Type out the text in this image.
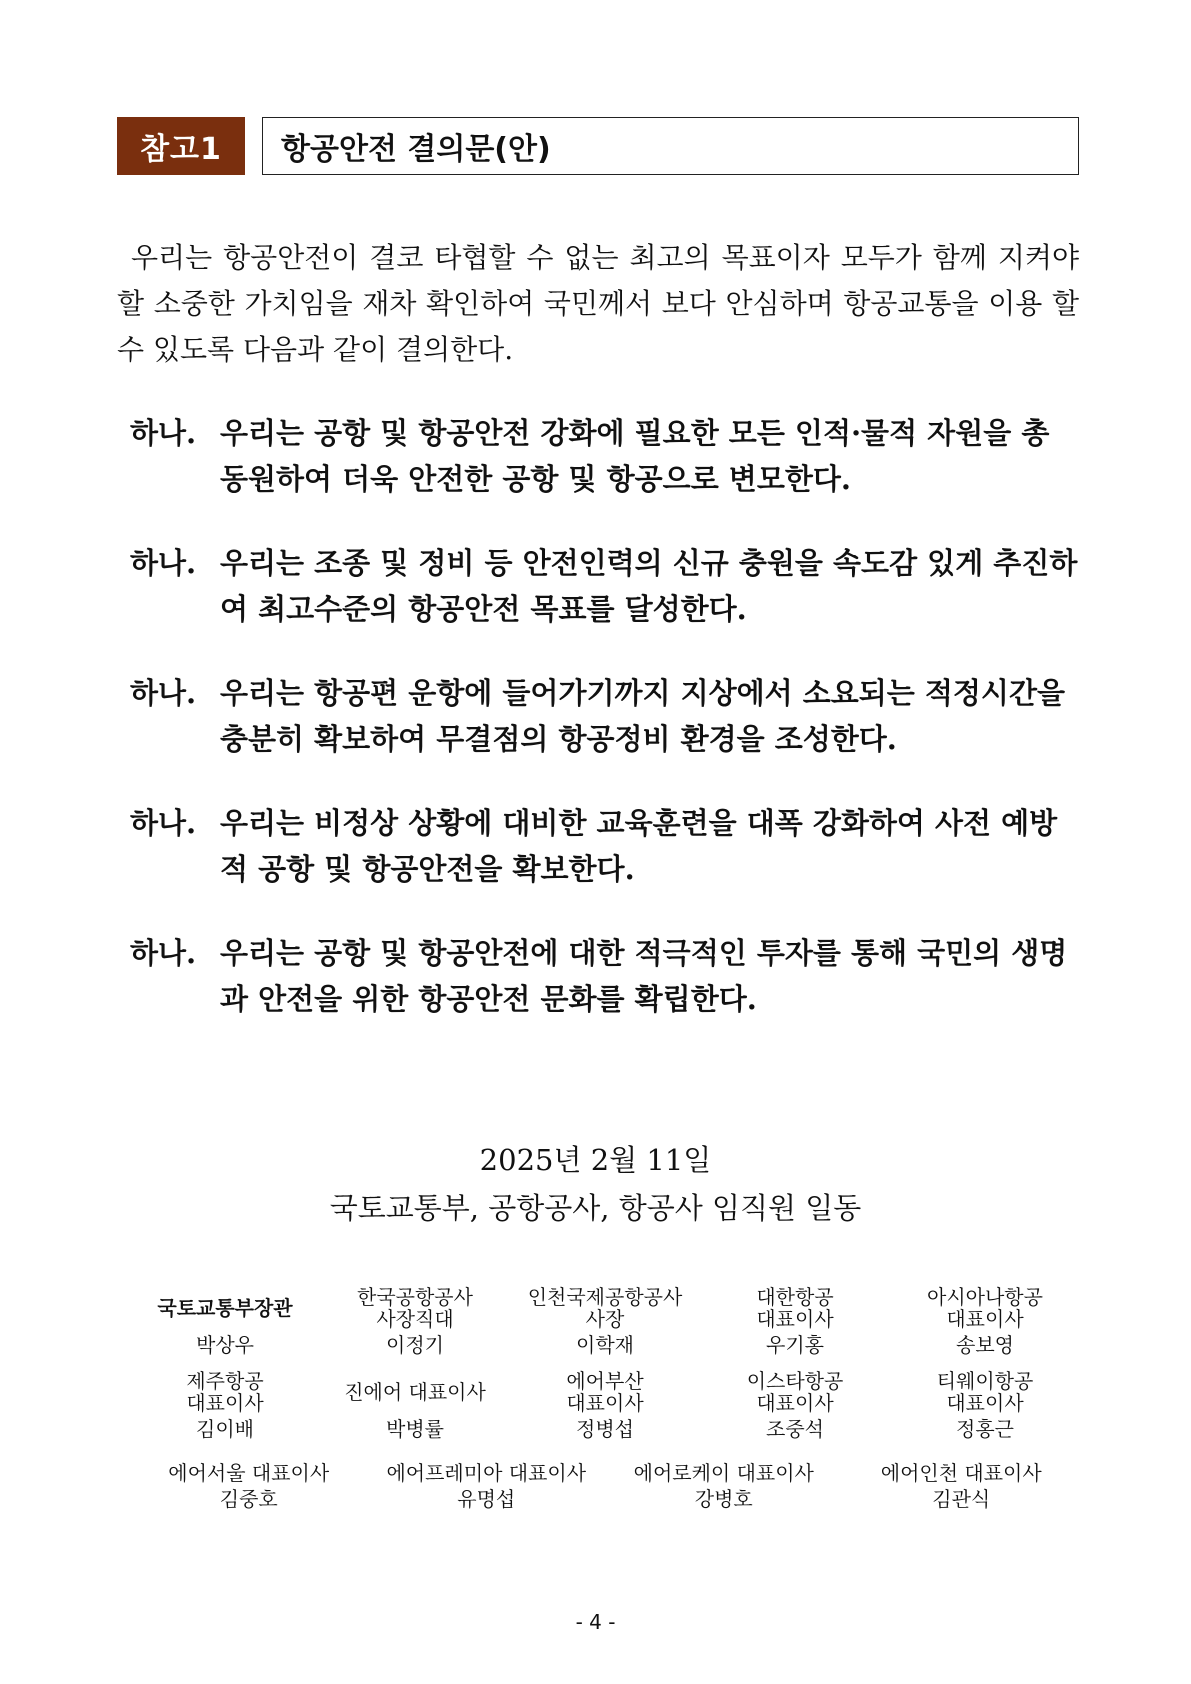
참고1	항공안전 결의문(안)
우리는 항공안전이 결코 타협할 수 없는 최고의 목표이자 모두가 함께 지켜야 할 소중한 가치임을 재차 확인하여 국민께서 보다 안심하며 항공교통을 이용 할 수 있도록 다음과 같이 결의한다.
하나. 우리는 공항 및 항공안전 강화에 필요한 모든 인적·물적 자원을 총 동원하여 더욱 안전한 공항 및 항공으로 변모한다.
하나. 우리는 조종 및 정비 등 안전인력의 신규 충원을 속도감 있게 추진하여 최고수준의 항공안전 목표를 달성한다.
하나. 우리는 항공편 운항에 들어가기까지 지상에서 소요되는 적정시간을 충분히 확보하여 무결점의 항공정비 환경을 조성한다.
하나. 우리는 비정상 상황에 대비한 교육훈련을 대폭 강화하여 사전 예방적 공항 및 항공안전을 확보한다.
하나. 우리는 공항 및 항공안전에 대한 적극적인 투자를 통해 국민의 생명과 안전을 위한 항공안전 문화를 확립한다.
2025년 2월 11일
국토교통부, 공항공사, 항공사 임직원 일동
국토교통부장관
박상우
한국공항공사
사장직대
이정기
인천국제공항공사
사장
이학재
대한항공
대표이사
우기홍
아시아나항공
대표이사
송보영
제주항공
대표이사
김이배
진에어 대표이사
박병률
에어부산
대표이사
정병섭
이스타항공
대표이사
조중석
티웨이항공
대표이사
정홍근
에어서울 대표이사
김중호
에어프레미아 대표이사
유명섭
에어로케이 대표이사
강병호
에어인천 대표이사
김관식
- 4 -
